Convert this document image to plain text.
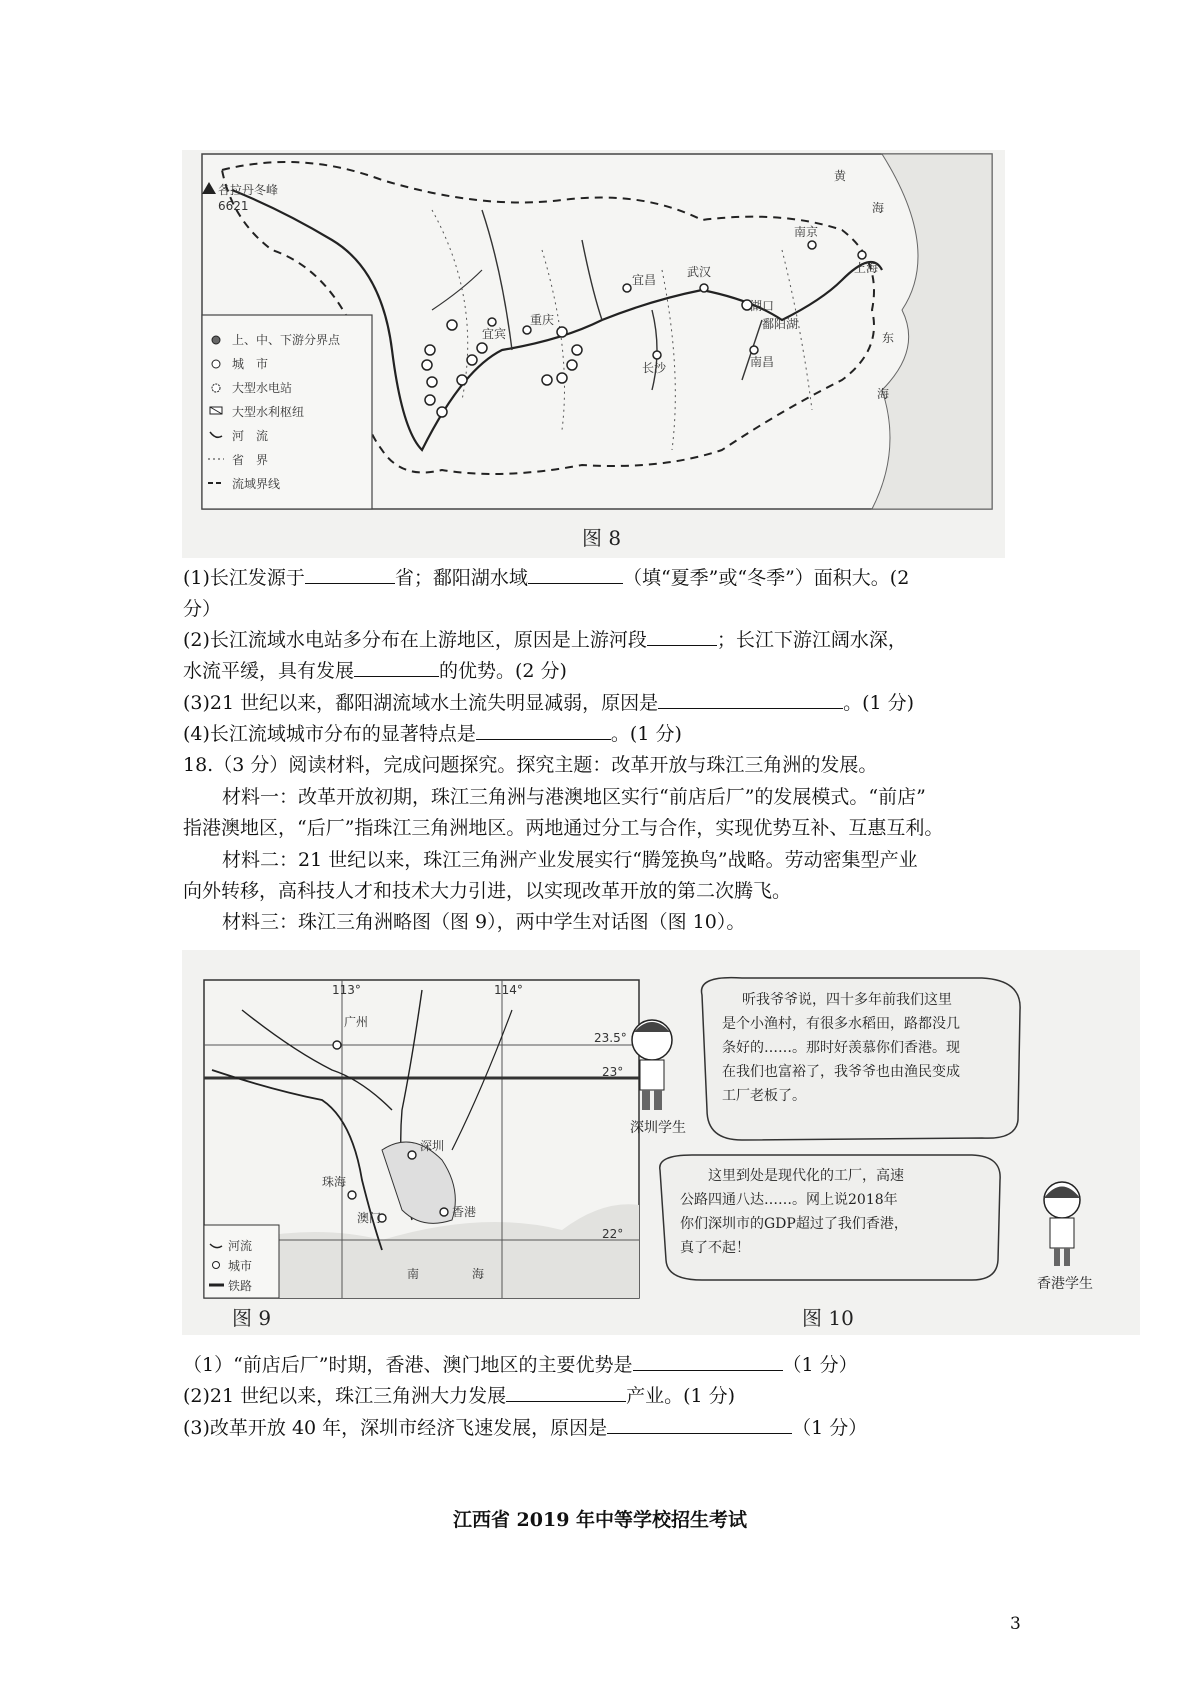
各拉丹冬峰
6621
宜宾
重庆
宜昌
武汉
湖口
南京
上海
长沙	南昌
鄱阳湖
黄
海
东
海
上、中、下游分界点
城　市
大型水电站
大型水利枢纽
河　流
省　界
流域界线
图 8
(1)长江发源于	省；鄱阳湖水域	（填“夏季”或“冬季”）面积大。(2
分）
(2)长江流域水电站多分布在上游地区，原因是上游河段	；长江下游江阔水深，
水流平缓，具有发展	的优势。(2 分)
(3)21 世纪以来，鄱阳湖流域水土流失明显减弱，原因是	。(1 分)
(4)长江流域城市分布的显著特点是	。(1 分)
18.（3 分）阅读材料，完成问题探究。探究主题：改革开放与珠江三角洲的发展。
材料一：改革开放初期，珠江三角洲与港澳地区实行“前店后厂”的发展模式。“前店”
指港澳地区，“后厂”指珠江三角洲地区。两地通过分工与合作，实现优势互补、互惠互利。
材料二：21 世纪以来，珠江三角洲产业发展实行“腾笼换鸟”战略。劳动密集型产业
向外转移，高科技人才和技术大力引进，以实现改革开放的第二次腾飞。
材料三：珠江三角洲略图（图 9），两中学生对话图（图 10）。
113°	114°
23.5°
23°
22°
广州
深圳
珠海
澳门	香港
南	海
河流
城市
铁路
图 9
深圳学生
香港学生
图 10
听我爷爷说，四十多年前我们这里
是个小渔村，有很多水稻田，路都没几
条好的……。那时好羡慕你们香港。现
在我们也富裕了，我爷爷也由渔民变成
工厂老板了。
这里到处是现代化的工厂，高速
公路四通八达……。网上说2018年
你们深圳市的GDP超过了我们香港，
真了不起！
（1）“前店后厂”时期，香港、澳门地区的主要优势是	（1 分）
(2)21 世纪以来，珠江三角洲大力发展	产业。(1 分)
(3)改革开放 40 年，深圳市经济飞速发展，原因是	（1 分）
江西省 2019 年中等学校招生考试
3
